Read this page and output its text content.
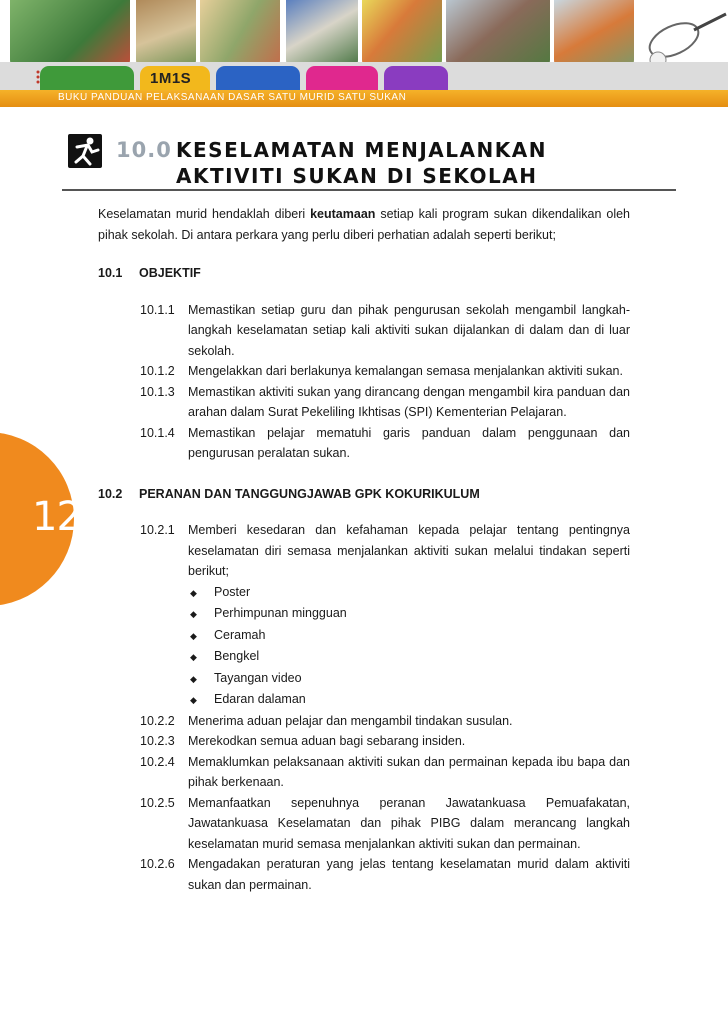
1M1S
BUKU PANDUAN PELAKSANAAN DASAR SATU MURID SATU SUKAN
12
10.0 KESELAMATAN MENJALANKAN
AKTIVITI SUKAN DI SEKOLAH

Keselamatan murid hendaklah diberi keutamaan setiap kali program sukan dikendalikan oleh pihak sekolah. Di antara perkara yang perlu diberi perhatian adalah seperti berikut;

10.1	OBJEKTIF
10.1.1	Memastikan setiap guru dan pihak pengurusan sekolah mengambil langkah-langkah keselamatan setiap kali aktiviti sukan dijalankan di dalam dan di luar sekolah.
10.1.2	Mengelakkan dari berlakunya kemalangan semasa menjalankan aktiviti sukan.
10.1.3	Memastikan aktiviti sukan yang dirancang dengan mengambil kira panduan dan arahan dalam Surat Pekeliling Ikhtisas (SPI) Kementerian Pelajaran.
10.1.4	Memastikan pelajar mematuhi garis panduan dalam penggunaan dan pengurusan peralatan sukan.
10.2	PERANAN DAN TANGGUNGJAWAB GPK KOKURIKULUM
10.2.1	Memberi kesedaran dan kefahaman kepada pelajar tentang pentingnya keselamatan diri semasa menjalankan aktiviti sukan melalui tindakan seperti berikut;
◆	Poster
◆	Perhimpunan mingguan
◆	Ceramah
◆	Bengkel
◆	Tayangan video
◆	Edaran dalaman
10.2.2	Menerima aduan pelajar dan mengambil tindakan susulan.
10.2.3	Merekodkan semua aduan bagi sebarang insiden.
10.2.4	Memaklumkan pelaksanaan aktiviti sukan dan permainan kepada ibu bapa dan pihak berkenaan.
10.2.5	Memanfaatkan sepenuhnya peranan Jawatankuasa Pemuafakatan, Jawatankuasa Keselamatan dan pihak PIBG dalam merancang langkah keselamatan murid semasa menjalankan aktiviti sukan dan permainan.
10.2.6	Mengadakan peraturan yang jelas tentang keselamatan murid dalam aktiviti sukan dan permainan.
